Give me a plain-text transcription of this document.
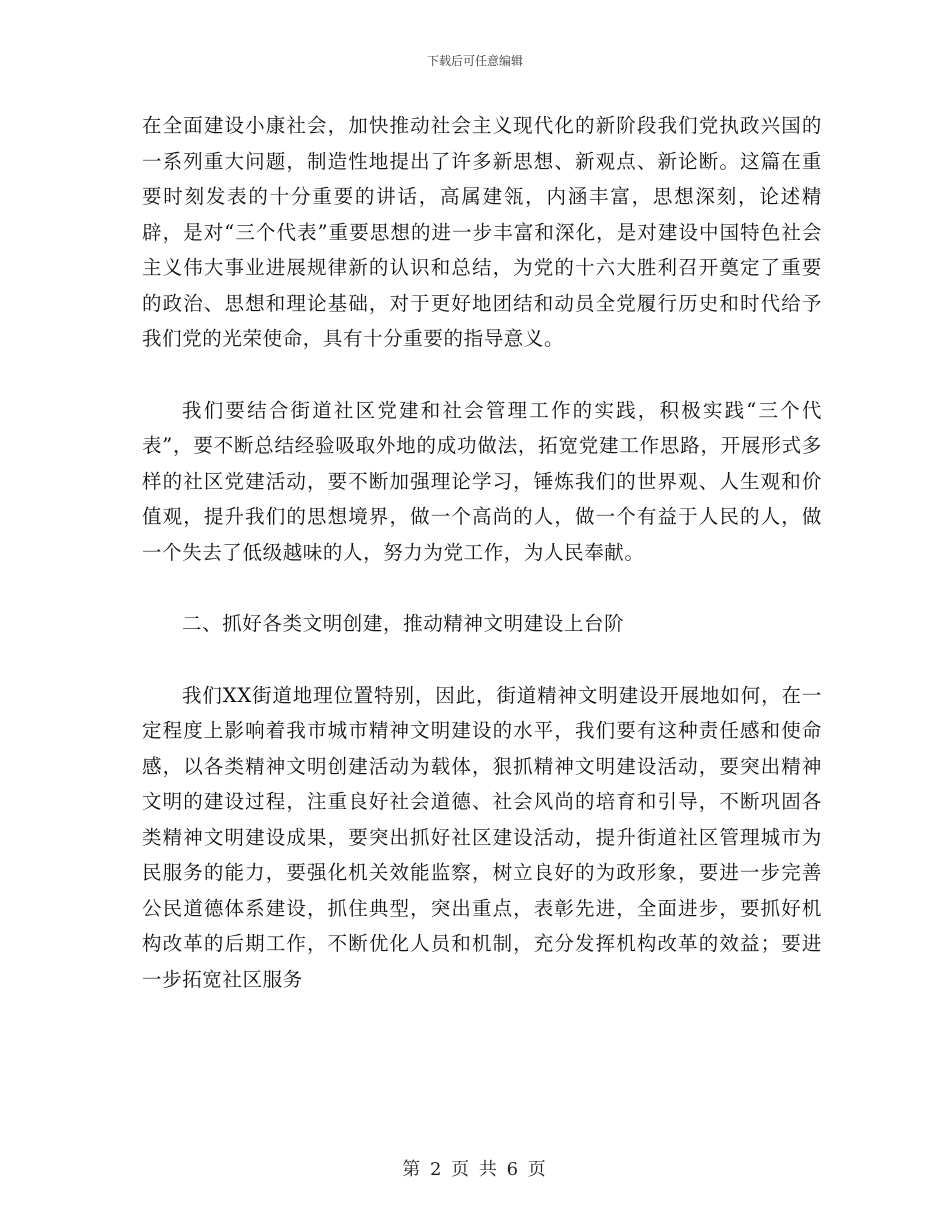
下载后可任意编辑

在全面建设小康社会，加快推动社会主义现代化的新阶段我们党执政兴国的一系列重大问题，制造性地提出了许多新思想、新观点、新论断。这篇在重要时刻发表的十分重要的讲话，高属建瓴，内涵丰富，思想深刻，论述精辟，是对“三个代表”重要思想的进一步丰富和深化，是对建设中国特色社会主义伟大事业进展规律新的认识和总结，为党的十六大胜利召开奠定了重要的政治、思想和理论基础，对于更好地团结和动员全党履行历史和时代给予我们党的光荣使命，具有十分重要的指导意义。

我们要结合街道社区党建和社会管理工作的实践，积极实践“三个代表”，要不断总结经验吸取外地的成功做法，拓宽党建工作思路，开展形式多样的社区党建活动，要不断加强理论学习，锤炼我们的世界观、人生观和价值观，提升我们的思想境界，做一个高尚的人，做一个有益于人民的人，做一个失去了低级越味的人，努力为党工作，为人民奉献。

二、抓好各类文明创建，推动精神文明建设上台阶

我们XX街道地理位置特别，因此，街道精神文明建设开展地如何，在一定程度上影响着我市城市精神文明建设的水平，我们要有这种责任感和使命感，以各类精神文明创建活动为载体，狠抓精神文明建设活动，要突出精神文明的建设过程，注重良好社会道德、社会风尚的培育和引导，不断巩固各类精神文明建设成果，要突出抓好社区建设活动，提升街道社区管理城市为民服务的能力，要强化机关效能监察，树立良好的为政形象，要进一步完善公民道德体系建设，抓住典型，突出重点，表彰先进，全面进步，要抓好机构改革的后期工作，不断优化人员和机制，充分发挥机构改革的效益；要进一步拓宽社区服务

第 2 页 共 6 页
